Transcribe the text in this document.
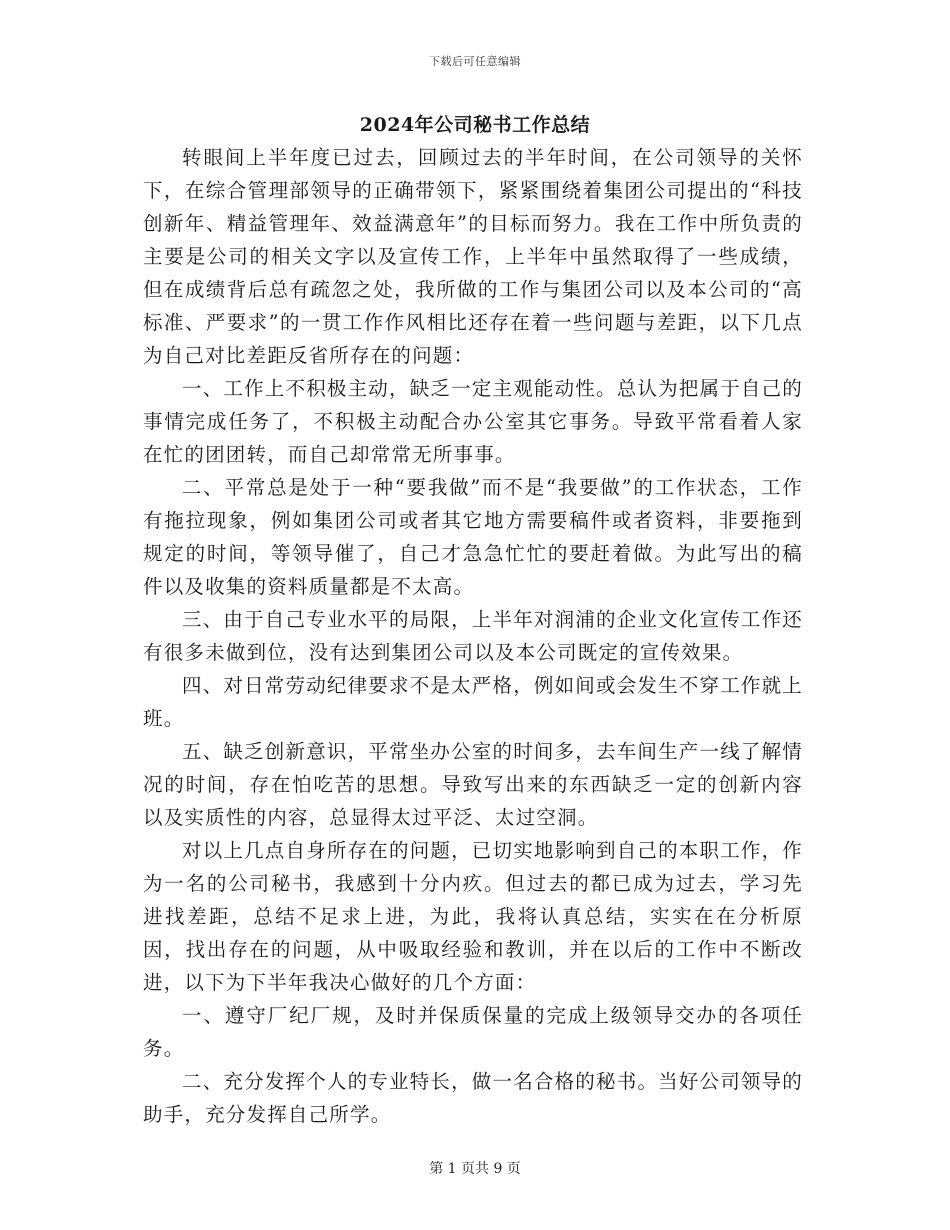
下载后可任意编辑
2024年公司秘书工作总结

转眼间上半年度已过去，回顾过去的半年时间，在公司领导的关怀下，在综合管理部领导的正确带领下，紧紧围绕着集团公司提出的“科技创新年、精益管理年、效益满意年”的目标而努力。我在工作中所负责的主要是公司的相关文字以及宣传工作，上半年中虽然取得了一些成绩，但在成绩背后总有疏忽之处，我所做的工作与集团公司以及本公司的“高标准、严要求”的一贯工作作风相比还存在着一些问题与差距，以下几点为自己对比差距反省所存在的问题：

一、工作上不积极主动，缺乏一定主观能动性。总认为把属于自己的事情完成任务了，不积极主动配合办公室其它事务。导致平常看着人家在忙的团团转，而自己却常常无所事事。

二、平常总是处于一种“要我做”而不是“我要做”的工作状态，工作有拖拉现象，例如集团公司或者其它地方需要稿件或者资料，非要拖到规定的时间，等领导催了，自己才急急忙忙的要赶着做。为此写出的稿件以及收集的资料质量都是不太高。

三、由于自己专业水平的局限，上半年对润浦的企业文化宣传工作还有很多未做到位，没有达到集团公司以及本公司既定的宣传效果。

四、对日常劳动纪律要求不是太严格，例如间或会发生不穿工作就上班。

五、缺乏创新意识，平常坐办公室的时间多，去车间生产一线了解情况的时间，存在怕吃苦的思想。导致写出来的东西缺乏一定的创新内容以及实质性的内容，总显得太过平泛、太过空洞。

对以上几点自身所存在的问题，已切实地影响到自己的本职工作，作为一名的公司秘书，我感到十分内疚。但过去的都已成为过去，学习先进找差距，总结不足求上进，为此，我将认真总结，实实在在分析原因，找出存在的问题，从中吸取经验和教训，并在以后的工作中不断改进，以下为下半年我决心做好的几个方面：

一、遵守厂纪厂规，及时并保质保量的完成上级领导交办的各项任务。

二、充分发挥个人的专业特长，做一名合格的秘书。当好公司领导的助手，充分发挥自己所学。

第 1 页共 9 页
